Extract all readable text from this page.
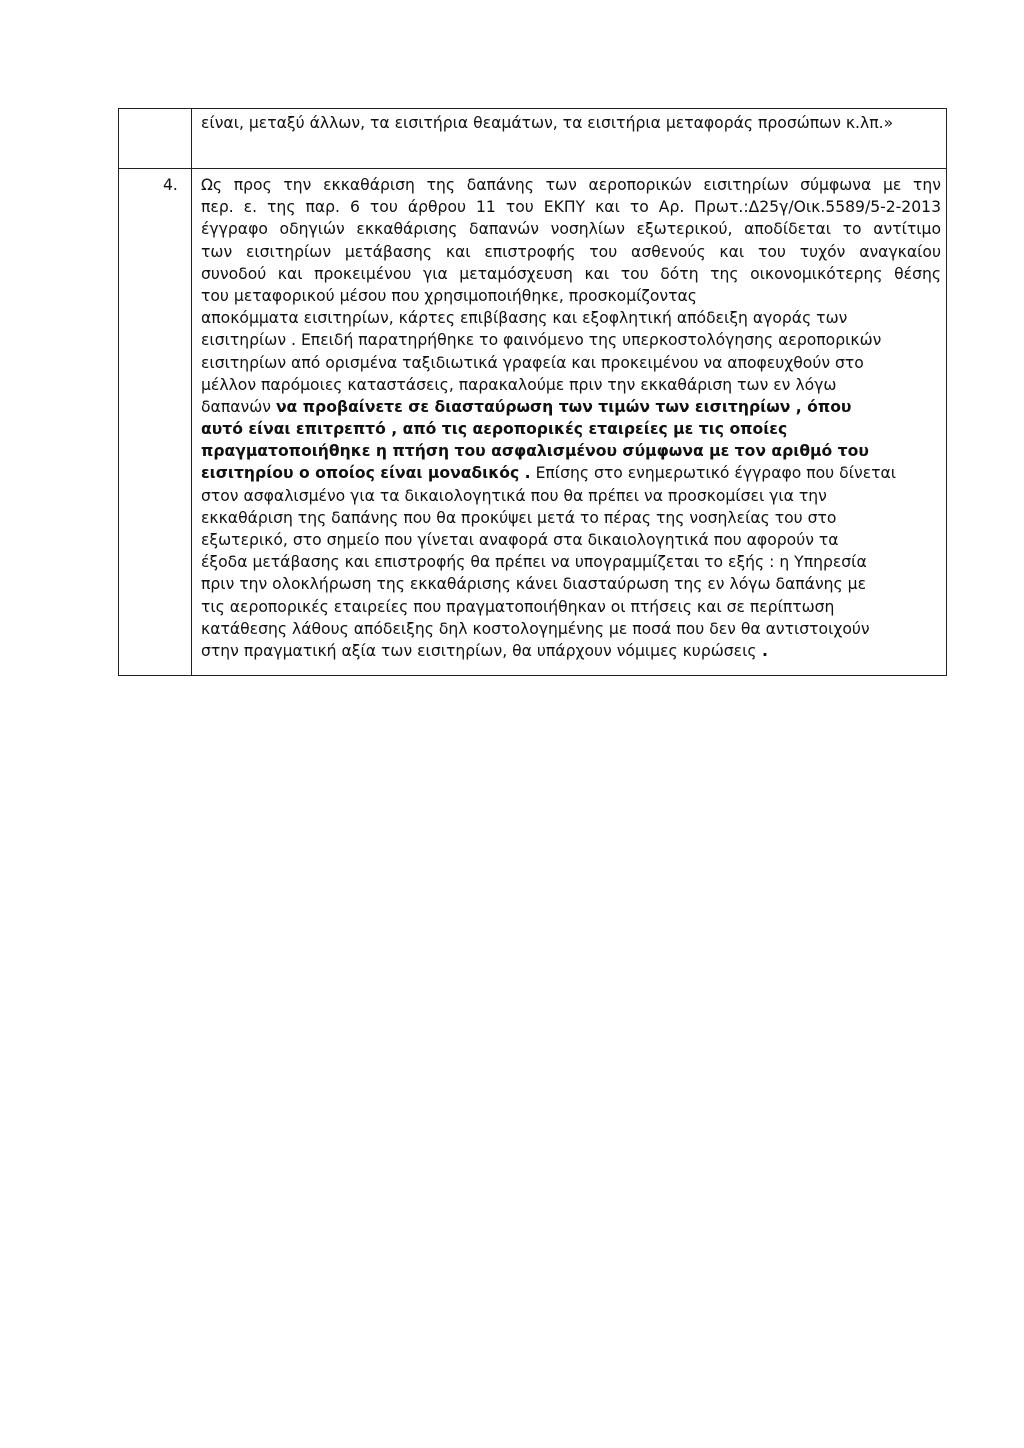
είναι, μεταξύ άλλων, τα εισιτήρια θεαμάτων, τα εισιτήρια μεταφοράς προσώπων κ.λπ.»
4. Ως προς την εκκαθάριση της δαπάνης των αεροπορικών εισιτηρίων σύμφωνα με την
περ. ε. της παρ. 6 του άρθρου 11 του ΕΚΠΥ και το Αρ. Πρωτ.:Δ25γ/Οικ.5589/5-2-2013
έγγραφο οδηγιών εκκαθάρισης δαπανών νοσηλίων εξωτερικού, αποδίδεται το αντίτιμο
των εισιτηρίων μετάβασης και επιστροφής του ασθενούς και του τυχόν αναγκαίου
συνοδού και προκειμένου για μεταμόσχευση και του δότη της οικονομικότερης θέσης
του μεταφορικού μέσου που χρησιμοποιήθηκε, προσκομίζοντας
αποκόμματα εισιτηρίων, κάρτες επιβίβασης και εξοφλητική απόδειξη αγοράς των
εισιτηρίων . Επειδή παρατηρήθηκε το φαινόμενο της υπερκοστολόγησης αεροπορικών
εισιτηρίων από ορισμένα ταξιδιωτικά γραφεία και προκειμένου να αποφευχθούν στο
μέλλον παρόμοιες καταστάσεις, παρακαλούμε πριν την εκκαθάριση των εν λόγω
δαπανών να προβαίνετε σε διασταύρωση των τιμών των εισιτηρίων , όπου
αυτό είναι επιτρεπτό , από τις αεροπορικές εταιρείες με τις οποίες
πραγματοποιήθηκε η πτήση του ασφαλισμένου σύμφωνα με τον αριθμό του
εισιτηρίου ο οποίος είναι μοναδικός . Επίσης στο ενημερωτικό έγγραφο που δίνεται
στον ασφαλισμένο για τα δικαιολογητικά που θα πρέπει να προσκομίσει για την
εκκαθάριση της δαπάνης που θα προκύψει μετά το πέρας της νοσηλείας του στο
εξωτερικό, στο σημείο που γίνεται αναφορά στα δικαιολογητικά που αφορούν τα
έξοδα μετάβασης και επιστροφής θα πρέπει να υπογραμμίζεται το εξής : η Υπηρεσία
πριν την ολοκλήρωση της εκκαθάρισης κάνει διασταύρωση της εν λόγω δαπάνης με
τις αεροπορικές εταιρείες που πραγματοποιήθηκαν οι πτήσεις και σε περίπτωση
κατάθεσης λάθους απόδειξης δηλ κοστολογημένης με ποσά που δεν θα αντιστοιχούν
στην πραγματική αξία των εισιτηρίων, θα υπάρχουν νόμιμες κυρώσεις .
